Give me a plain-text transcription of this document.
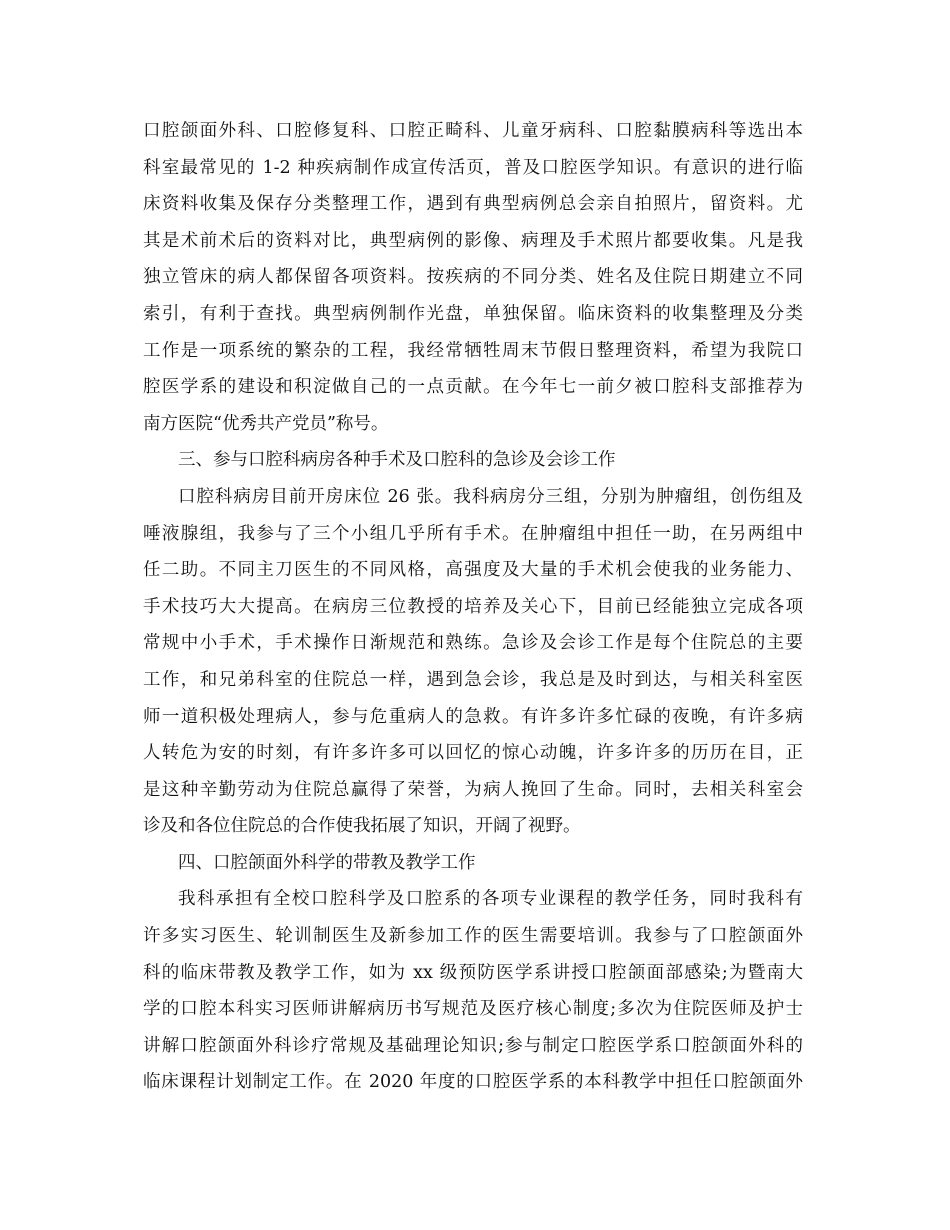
口腔颌面外科、口腔修复科、口腔正畸科、儿童牙病科、口腔黏膜病科等选出本
科室最常见的 1-2 种疾病制作成宣传活页，普及口腔医学知识。有意识的进行临
床资料收集及保存分类整理工作，遇到有典型病例总会亲自拍照片，留资料。尤
其是术前术后的资料对比，典型病例的影像、病理及手术照片都要收集。凡是我
独立管床的病人都保留各项资料。按疾病的不同分类、姓名及住院日期建立不同
索引，有利于查找。典型病例制作光盘，单独保留。临床资料的收集整理及分类
工作是一项系统的繁杂的工程，我经常牺牲周末节假日整理资料，希望为我院口
腔医学系的建设和积淀做自己的一点贡献。在今年七一前夕被口腔科支部推荐为
南方医院“优秀共产党员”称号。
三、参与口腔科病房各种手术及口腔科的急诊及会诊工作
口腔科病房目前开房床位 26 张。我科病房分三组，分别为肿瘤组，创伤组及
唾液腺组，我参与了三个小组几乎所有手术。在肿瘤组中担任一助，在另两组中
任二助。不同主刀医生的不同风格，高强度及大量的手术机会使我的业务能力、
手术技巧大大提高。在病房三位教授的培养及关心下，目前已经能独立完成各项
常规中小手术，手术操作日渐规范和熟练。急诊及会诊工作是每个住院总的主要
工作，和兄弟科室的住院总一样，遇到急会诊，我总是及时到达，与相关科室医
师一道积极处理病人，参与危重病人的急救。有许多许多忙碌的夜晚，有许多病
人转危为安的时刻，有许多许多可以回忆的惊心动魄，许多许多的历历在目，正
是这种辛勤劳动为住院总赢得了荣誉，为病人挽回了生命。同时，去相关科室会
诊及和各位住院总的合作使我拓展了知识，开阔了视野。
四、口腔颌面外科学的带教及教学工作
我科承担有全校口腔科学及口腔系的各项专业课程的教学任务，同时我科有
许多实习医生、轮训制医生及新参加工作的医生需要培训。我参与了口腔颌面外
科的临床带教及教学工作，如为 xx 级预防医学系讲授口腔颌面部感染;为暨南大
学的口腔本科实习医师讲解病历书写规范及医疗核心制度;多次为住院医师及护士
讲解口腔颌面外科诊疗常规及基础理论知识;参与制定口腔医学系口腔颌面外科的
临床课程计划制定工作。在 2020 年度的口腔医学系的本科教学中担任口腔颌面外
